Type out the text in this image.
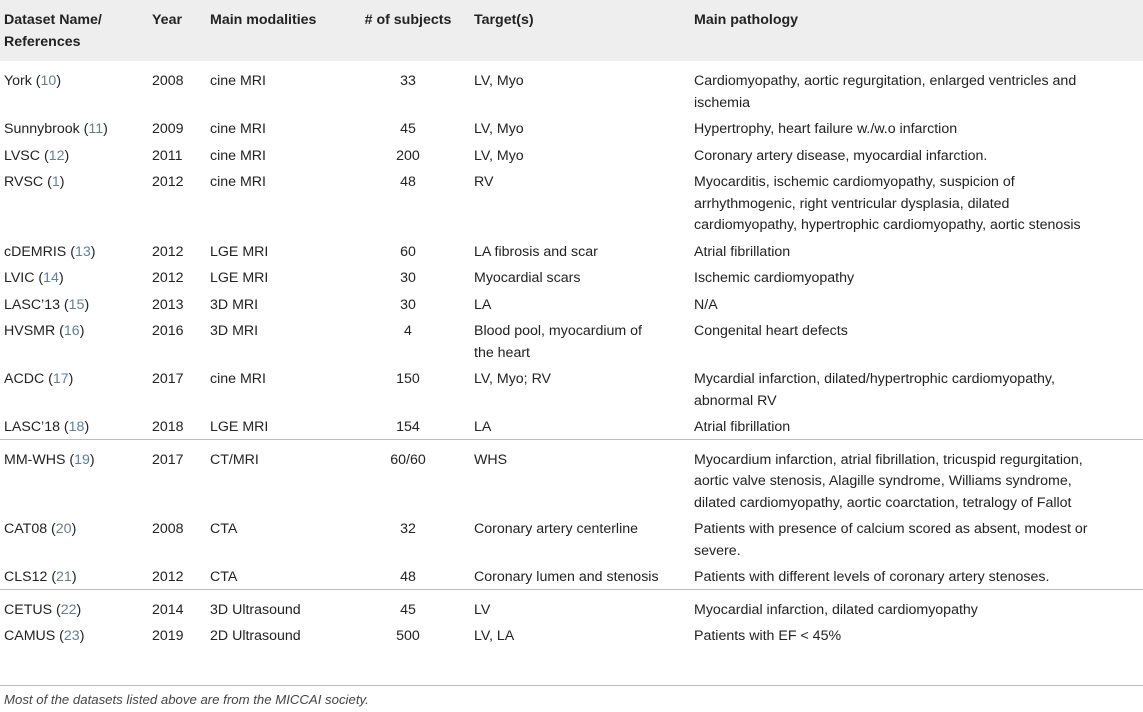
Dataset Name/
References	Year	Main modalities	# of subjects	Target(s)	Main pathology
York (10)	2008	cine MRI	33	LV, Myo	Cardiomyopathy, aortic regurgitation, enlarged ventricles and
ischemia
Sunnybrook (11)	2009	cine MRI	45	LV, Myo	Hypertrophy, heart failure w./w.o infarction
LVSC (12)	2011	cine MRI	200	LV, Myo	Coronary artery disease, myocardial infarction.
RVSC (1)	2012	cine MRI	48	RV	Myocarditis, ischemic cardiomyopathy, suspicion of
arrhythmogenic, right ventricular dysplasia, dilated
cardiomyopathy, hypertrophic cardiomyopathy, aortic stenosis
cDEMRIS (13)	2012	LGE MRI	60	LA fibrosis and scar	Atrial fibrillation
LVIC (14)	2012	LGE MRI	30	Myocardial scars	Ischemic cardiomyopathy
LASC’13 (15)	2013	3D MRI	30	LA	N/A
HVSMR (16)	2016	3D MRI	4	Blood pool, myocardium of
the heart	Congenital heart defects
ACDC (17)	2017	cine MRI	150	LV, Myo; RV	Mycardial infarction, dilated/hypertrophic cardiomyopathy,
abnormal RV
LASC’18 (18)	2018	LGE MRI	154	LA	Atrial fibrillation
MM-WHS (19)	2017	CT/MRI	60/60	WHS	Myocardium infarction, atrial fibrillation, tricuspid regurgitation,
aortic valve stenosis, Alagille syndrome, Williams syndrome,
dilated cardiomyopathy, aortic coarctation, tetralogy of Fallot
CAT08 (20)	2008	CTA	32	Coronary artery centerline	Patients with presence of calcium scored as absent, modest or
severe.
CLS12 (21)	2012	CTA	48	Coronary lumen and stenosis	Patients with different levels of coronary artery stenoses.
CETUS (22)	2014	3D Ultrasound	45	LV	Myocardial infarction, dilated cardiomyopathy
CAMUS (23)	2019	2D Ultrasound	500	LV, LA	Patients with EF < 45%
Most of the datasets listed above are from the MICCAI society.
